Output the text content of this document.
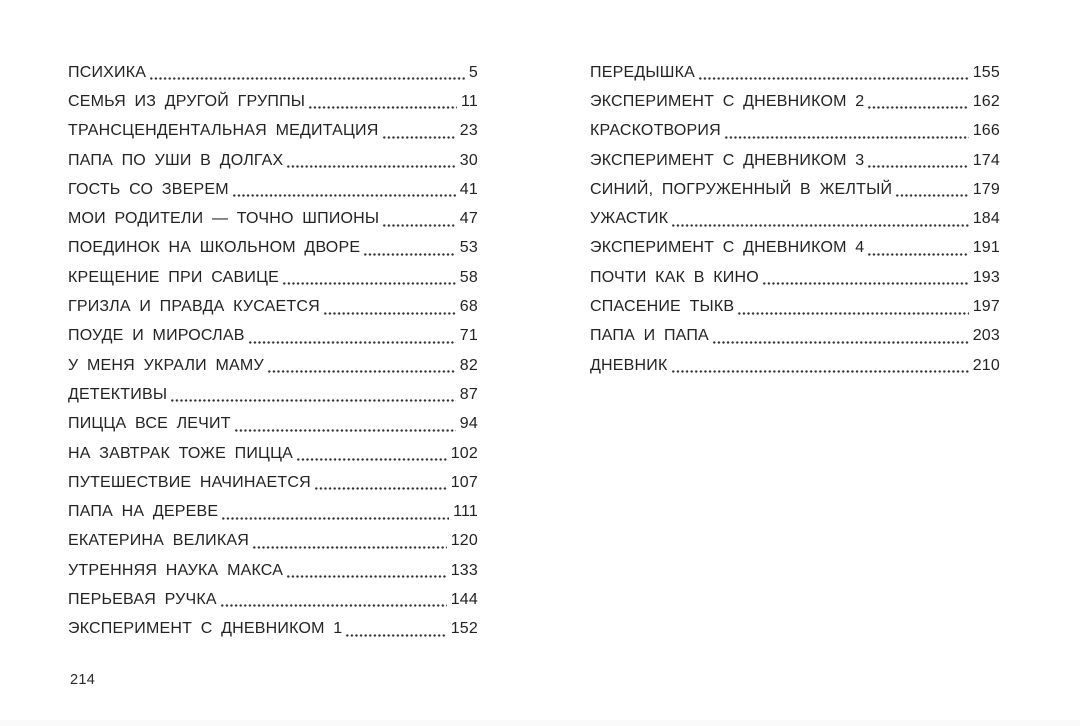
ПСИХИКА	5
СЕМЬЯ ИЗ ДРУГОЙ ГРУППЫ	11
ТРАНСЦЕНДЕНТАЛЬНАЯ МЕДИТАЦИЯ	23
ПАПА ПО УШИ В ДОЛГАХ	30
ГОСТЬ СО ЗВЕРЕМ	41
МОИ РОДИТЕЛИ — ТОЧНО ШПИОНЫ	47
ПОЕДИНОК НА ШКОЛЬНОМ ДВОРЕ	53
КРЕЩЕНИЕ ПРИ САВИЦЕ	58
ГРИЗЛА И ПРАВДА КУСАЕТСЯ	68
ПОУДЕ И МИРОСЛАВ	71
У МЕНЯ УКРАЛИ МАМУ	82
ДЕТЕКТИВЫ	87
ПИЦЦА ВСЕ ЛЕЧИТ	94
НА ЗАВТРАК ТОЖЕ ПИЦЦА	102
ПУТЕШЕСТВИЕ НАЧИНАЕТСЯ	107
ПАПА НА ДЕРЕВЕ	111
ЕКАТЕРИНА ВЕЛИКАЯ	120
УТРЕННЯЯ НАУКА МАКСА	133
ПЕРЬЕВАЯ РУЧКА	144
ЭКСПЕРИМЕНТ С ДНЕВНИКОМ 1	152
ПЕРЕДЫШКА	155
ЭКСПЕРИМЕНТ С ДНЕВНИКОМ 2	162
КРАСКОТВОРИЯ	166
ЭКСПЕРИМЕНТ С ДНЕВНИКОМ 3	174
СИНИЙ, ПОГРУЖЕННЫЙ В ЖЕЛТЫЙ	179
УЖАСТИК	184
ЭКСПЕРИМЕНТ С ДНЕВНИКОМ 4	191
ПОЧТИ КАК В КИНО	193
СПАСЕНИЕ ТЫКВ	197
ПАПА И ПАПА	203
ДНЕВНИК	210
214
